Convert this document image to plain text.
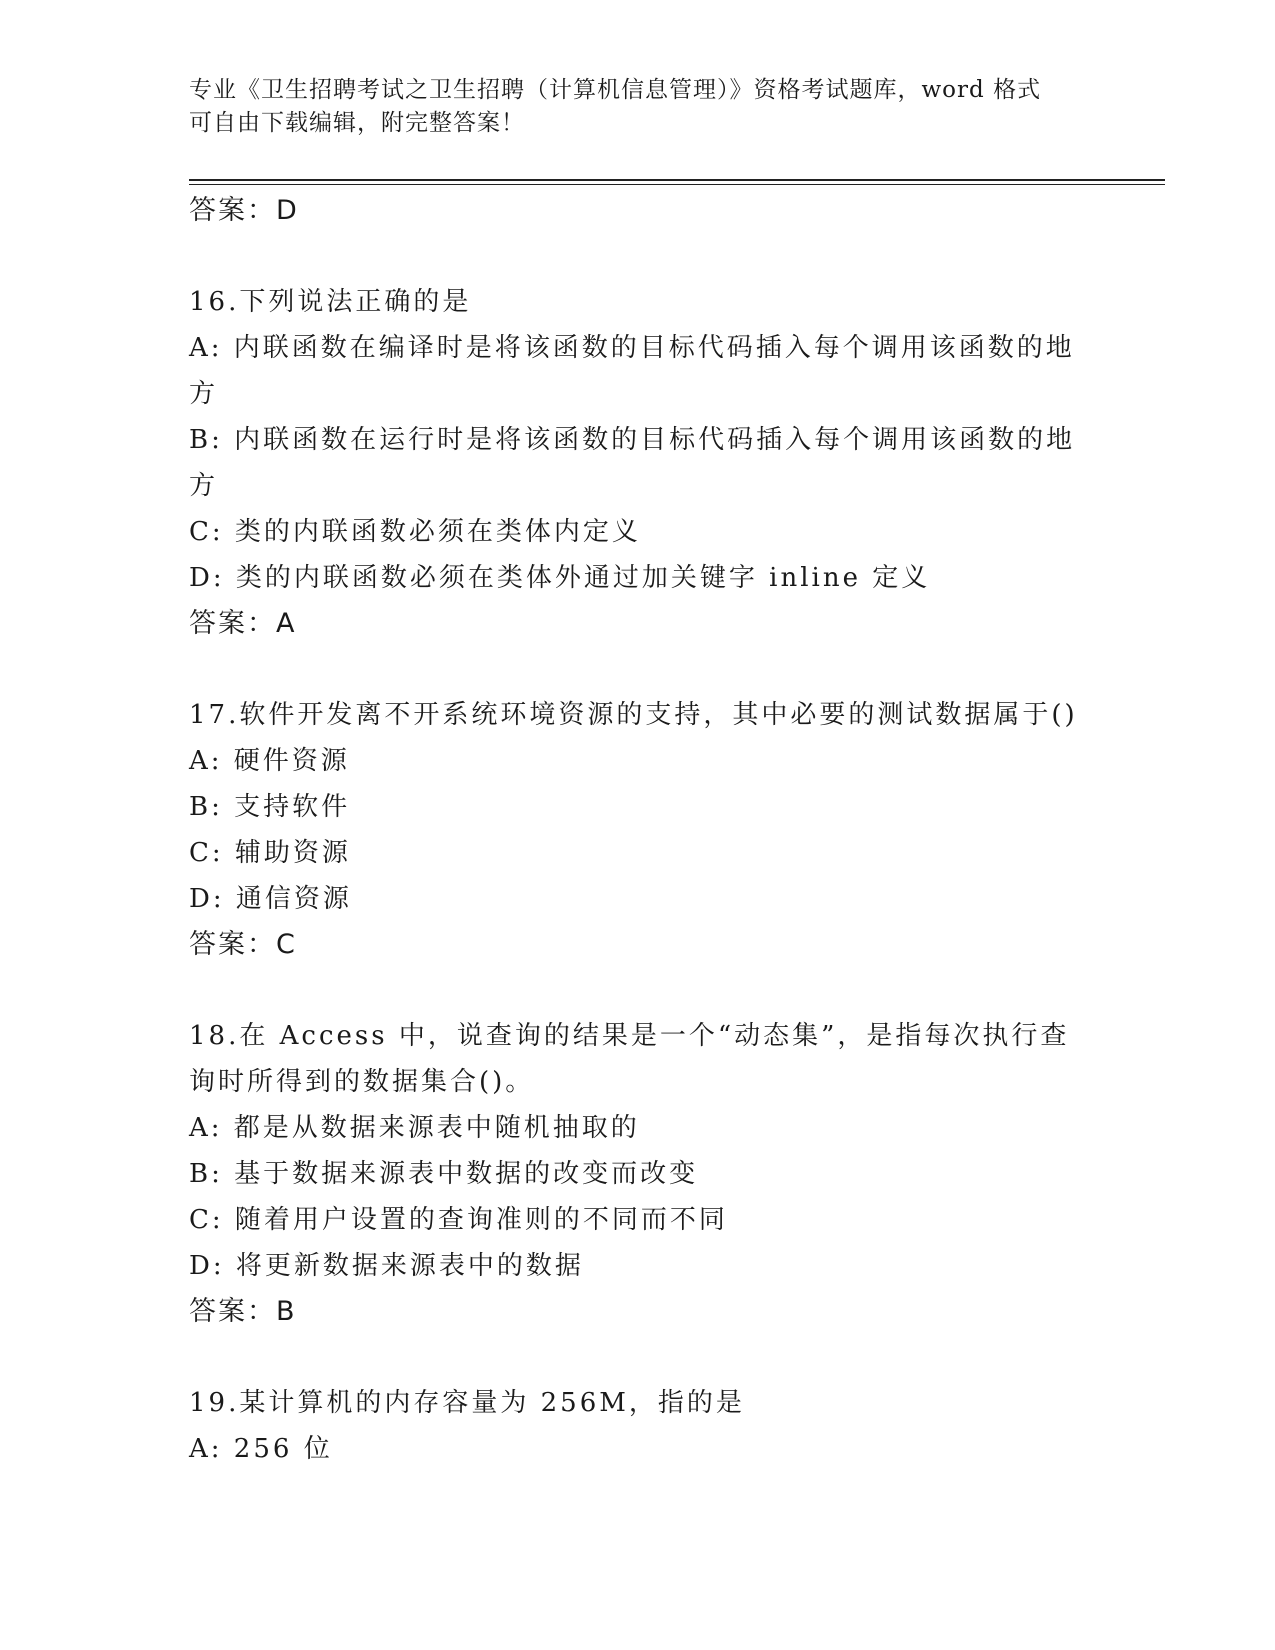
专业《卫生招聘考试之卫生招聘（计算机信息管理）》资格考试题库，word 格式
可自由下载编辑，附完整答案！
答案：D
16.下列说法正确的是
A: 内联函数在编译时是将该函数的目标代码插入每个调用该函数的地
方
B: 内联函数在运行时是将该函数的目标代码插入每个调用该函数的地
方
C: 类的内联函数必须在类体内定义
D: 类的内联函数必须在类体外通过加关键字 inline 定义
答案：A
17.软件开发离不开系统环境资源的支持，其中必要的测试数据属于()
A: 硬件资源
B: 支持软件
C: 辅助资源
D: 通信资源
答案：C
18.在 Access 中，说查询的结果是一个“动态集”，是指每次执行查
询时所得到的数据集合()。
A: 都是从数据来源表中随机抽取的
B: 基于数据来源表中数据的改变而改变
C: 随着用户设置的查询准则的不同而不同
D: 将更新数据来源表中的数据
答案：B
19.某计算机的内存容量为 256M，指的是
A: 256 位
